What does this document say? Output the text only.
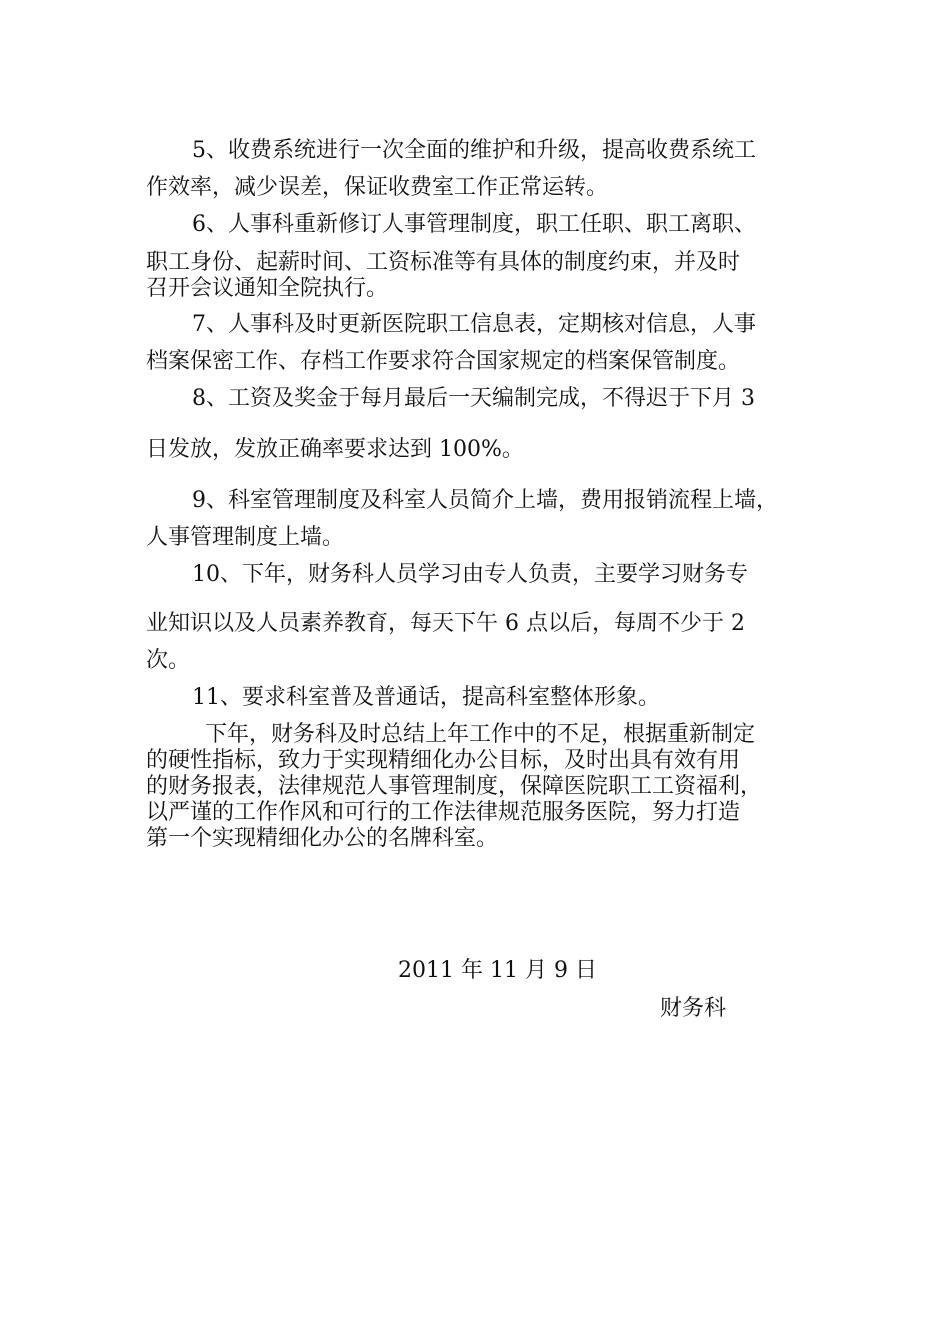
5、收费系统进行一次全面的维护和升级，提高收费系统工
作效率，减少误差，保证收费室工作正常运转。
6、人事科重新修订人事管理制度，职工任职、职工离职、
职工身份、起薪时间、工资标准等有具体的制度约束，并及时
召开会议通知全院执行。
7、人事科及时更新医院职工信息表，定期核对信息，人事
档案保密工作、存档工作要求符合国家规定的档案保管制度。
8、工资及奖金于每月最后一天编制完成，不得迟于下月 3
日发放，发放正确率要求达到 100%。
9、科室管理制度及科室人员简介上墙，费用报销流程上墙，
人事管理制度上墙。
10、下年，财务科人员学习由专人负责，主要学习财务专
业知识以及人员素养教育，每天下午 6 点以后，每周不少于 2
次。
11、要求科室普及普通话，提高科室整体形象。
下年，财务科及时总结上年工作中的不足，根据重新制定
的硬性指标，致力于实现精细化办公目标，及时出具有效有用
的财务报表，法律规范人事管理制度，保障医院职工工资福利，
以严谨的工作作风和可行的工作法律规范服务医院，努力打造
第一个实现精细化办公的名牌科室。
2011 年 11 月 9 日
财务科
